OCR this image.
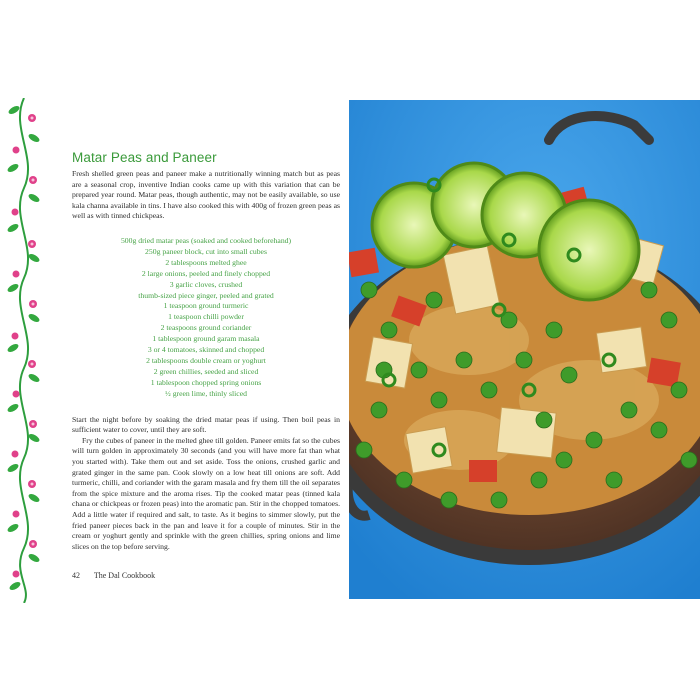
Matar Peas and Paneer

Fresh shelled green peas and paneer make a nutritionally winning match but as peas are a seasonal crop, inventive Indian cooks came up with this variation that can be prepared year round. Matar peas, though authentic, may not be easily available, so use kala channa available in tins. I have also cooked this with 400g of frozen green peas as well as with tinned chickpeas.

500g dried matar peas (soaked and cooked beforehand)
250g paneer block, cut into small cubes
2 tablespoons melted ghee
2 large onions, peeled and finely chopped
3 garlic cloves, crushed
thumb-sized piece ginger, peeled and grated
1 teaspoon ground turmeric
1 teaspoon chilli powder
2 teaspoons ground coriander
1 tablespoon ground garam masala
3 or 4 tomatoes, skinned and chopped
2 tablespoons double cream or yoghurt
2 green chillies, seeded and sliced
1 tablespoon chopped spring onions
½ green lime, thinly sliced

Start the night before by soaking the dried matar peas if using. Then boil peas in sufficient water to cover, until they are soft.

Fry the cubes of paneer in the melted ghee till golden. Paneer emits fat so the cubes will turn golden in approximately 30 seconds (and you will have more fat than what you started with). Take them out and set aside. Toss the onions, crushed garlic and grated ginger in the same pan. Cook slowly on a low heat till onions are soft. Add turmeric, chilli, and coriander with the garam masala and fry them till the oil separates from the spice mixture and the aroma rises. Tip the cooked matar peas (tinned kala chana or chickpeas or frozen peas) into the aromatic pan. Stir in the chopped tomatoes. Add a little water if required and salt, to taste. As it begins to simmer slowly, put the fried paneer pieces back in the pan and leave it for a couple of minutes. Stir in the cream or yoghurt gently and sprinkle with the green chillies, spring onions and lime slices on the top before serving.

42 The Dal Cookbook
